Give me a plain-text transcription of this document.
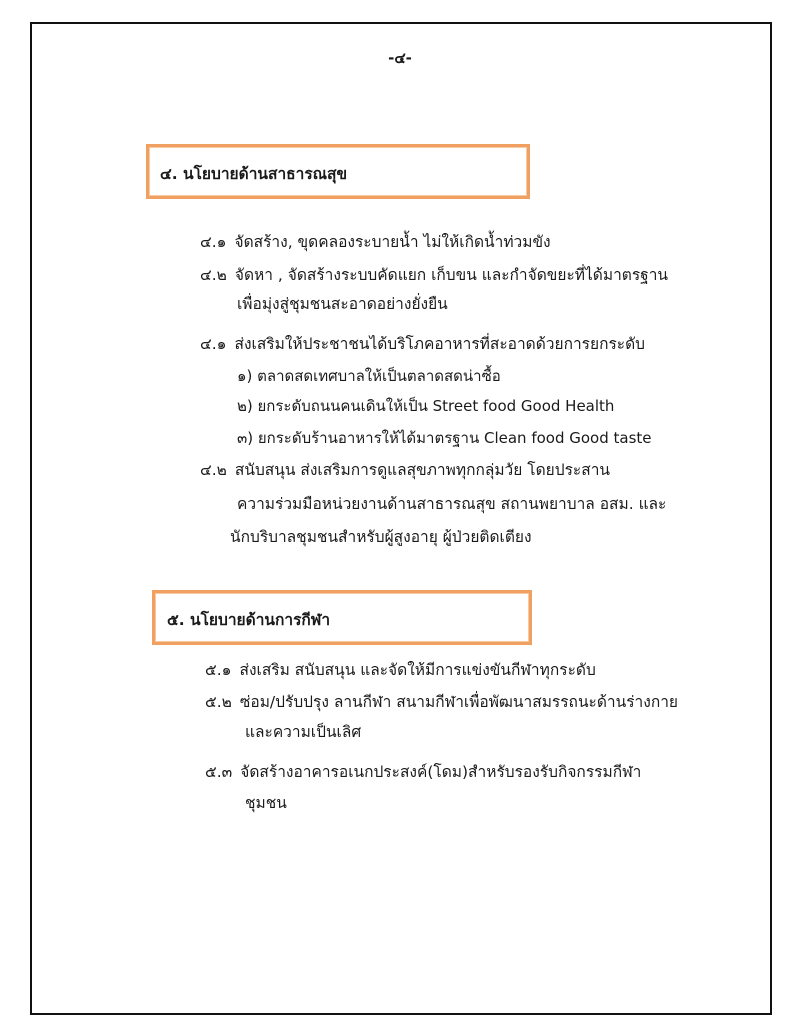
-๔-
๔. นโยบายด้านสาธารณสุข
๔.๑ จัดสร้าง, ขุดคลองระบายน้ำ ไม่ให้เกิดน้ำท่วมขัง
๔.๒ จัดหา , จัดสร้างระบบคัดแยก เก็บขน และกำจัดขยะที่ได้มาตรฐาน
เพื่อมุ่งสู่ชุมชนสะอาดอย่างยั่งยืน
๔.๑ ส่งเสริมให้ประชาชนได้บริโภคอาหารที่สะอาดด้วยการยกระดับ
๑) ตลาดสดเทศบาลให้เป็นตลาดสดน่าซื้อ
๒) ยกระดับถนนคนเดินให้เป็น Street food Good Health
๓) ยกระดับร้านอาหารให้ได้มาตรฐาน Clean food Good taste
๔.๒ สนับสนุน ส่งเสริมการดูแลสุขภาพทุกกลุ่มวัย โดยประสาน
ความร่วมมือหน่วยงานด้านสาธารณสุข สถานพยาบาล อสม. และ
นักบริบาลชุมชนสำหรับผู้สูงอายุ ผู้ป่วยติดเตียง
๕. นโยบายด้านการกีฬา
๕.๑ ส่งเสริม สนับสนุน และจัดให้มีการแข่งขันกีฬาทุกระดับ
๕.๒ ซ่อม/ปรับปรุง ลานกีฬา สนามกีฬาเพื่อพัฒนาสมรรถนะด้านร่างกาย
และความเป็นเลิศ
๕.๓ จัดสร้างอาคารอเนกประสงค์(โดม)สำหรับรองรับกิจกรรมกีฬา
ชุมชน
